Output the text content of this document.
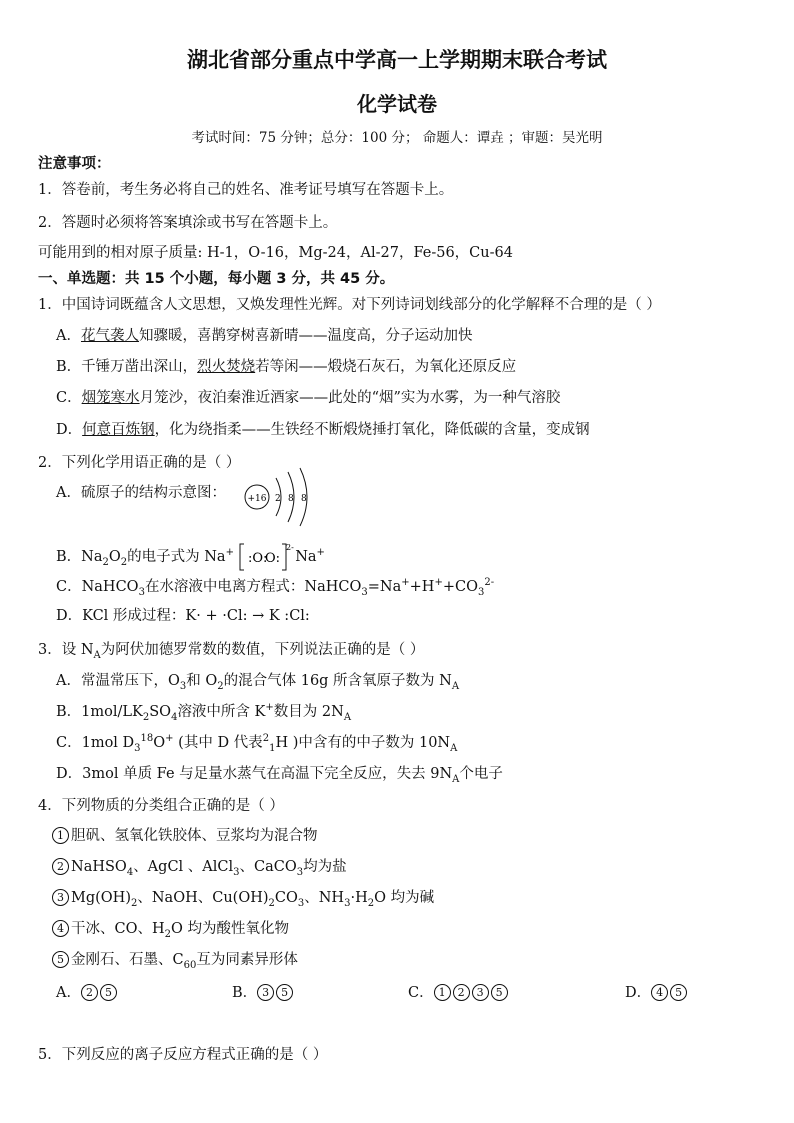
湖北省部分重点中学高一上学期期末联合考试
化学试卷
考试时间：75 分钟；总分：100 分； 命题人：谭垚 ；审题：吴光明
注意事项：
1．答卷前，考生务必将自己的姓名、准考证号填写在答题卡上。
2．答题时必须将答案填涂或书写在答题卡上。
可能用到的相对原子质量: H-1，O-16，Mg-24，Al-27，Fe-56，Cu-64
一、单选题：共 15 个小题，每小题 3 分，共 45 分。
1．中国诗词既蕴含人文思想，又焕发理性光辉。对下列诗词划线部分的化学解释不合理的是（ ）
A．花气袭人知骤暖，喜鹊穿树喜新晴——温度高，分子运动加快
B．千锤万凿出深山，烈火焚烧若等闲——煅烧石灰石，为氧化还原反应
C．烟笼寒水月笼沙，夜泊秦淮近酒家——此处的“烟”实为水雾，为一种气溶胶
D．何意百炼钢，化为绕指柔——生铁经不断煅烧捶打氧化，降低碳的含量，变成钢
2．下列化学用语正确的是（ ）
A．硫原子的结构示意图： +16 2 8 8
B．$Na_2O_2$的电子式为 Na+ :O:
O:
2-
Na+
C．NaHCO$_3$在水溶液中电离方程式：$NaHCO_3=Na^++H^++CO_3^{2-}$
D．KCl 形成过程：K· + ·Cl: → K :Cl:
3．设 $N_A$为阿伏加德罗常数的数值，下列说法正确的是（ ）
A．常温常压下，$O_3$和 $O_2$的混合气体 16g 所含氧原子数为 $N_A$
B．$1mol/LK_2SO_4$溶液中所含 K+数目为 $2N_A$
C．1mol $D_3^{18}O^+$ (其中 D 代表$^2_1$H )中含有的中子数为 $10N_A$
D．3mol 单质 Fe 与足量水蒸气在高温下完全反应，失去 $9N_A$个电子
4．下列物质的分类组合正确的是（ ）
1 胆矾、氢氧化铁胶体、豆浆均为混合物
2 NaHSO$_4$、AgCl 、AlCl$_3$、CaCO$_3$均为盐
3 $Mg(OH)_2$、NaOH、$Cu(OH)_2CO_3$、$NH_3\cdot H_2O$ 均为碱
4 干冰、CO、$H_2O$ 均为酸性氧化物
5 金刚石、石墨、$C_{60}$互为同素异形体
A． 2 5	B． 3 5	C． 1 2 3 5	D． 4 5
5．下列反应的离子反应方程式正确的是（ ）
